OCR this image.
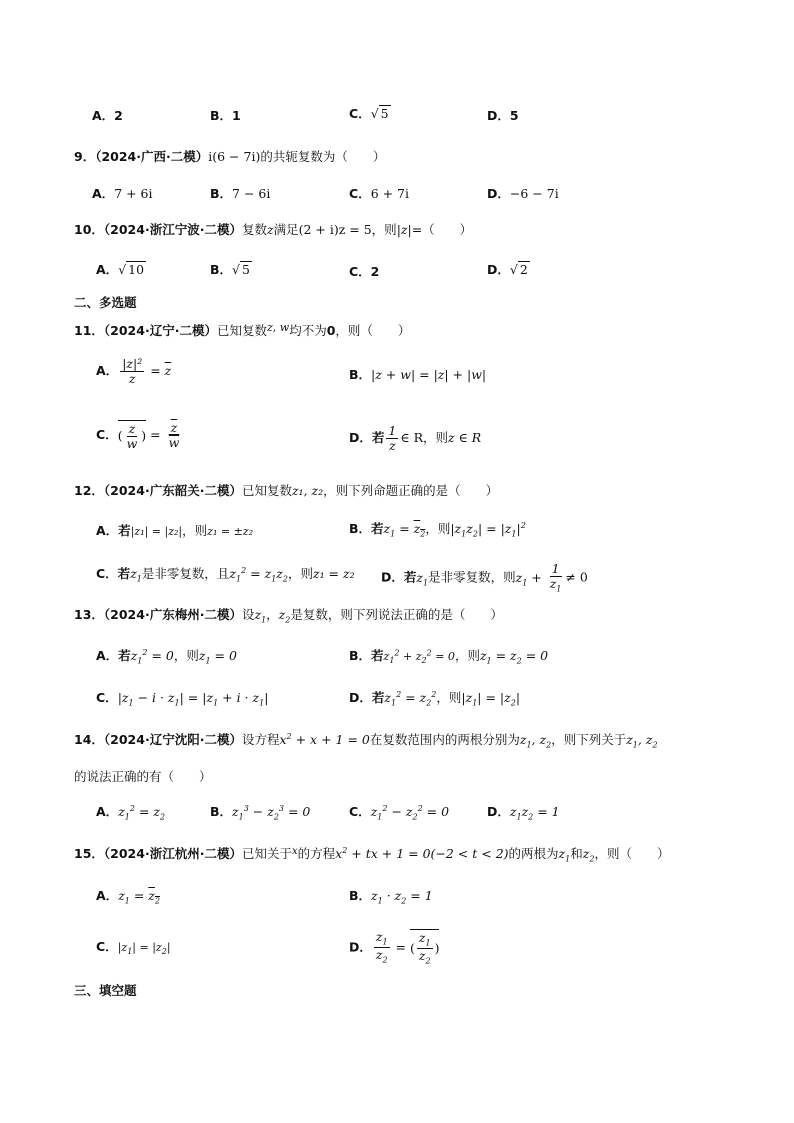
A．2	B．1	C．√ 5	D．5
9．（2024·广西·二模）i(6 − 7i)的共轭复数为（　　）
A．7 + 6i	B．7 − 6i	C．6 + 7i	D．−6 − 7i
10．（2024·浙江宁波·二模）复数z满足(2 + i)z = 5，则|z|=（　　）
A．√ 10	B．√ 5	C．2	D．√ 2
二、多选题
11．（2024·辽宁·二模）已知复数z, w均不为0，则（　　）
A． $\frac{\text{|z|²}}{z} = \overline{z}$	B．|z + w| = |z| + |w|
C．( $\frac{z}{w}$ ) = $\frac{\overline{z}}{w}$	D．若 $\frac{1}{z}$ ∈ R，则z ∈ R
12．（2024·广东韶关·二模）已知复数z₁, z₂，则下列命题正确的是（　　）
A．若|z₁| = |z₂|，则z₁ = ±z₂	B．若$z_1 = z_2$，则$|z_1z_2| = |z_1|^2$
C．若$z_1$是非零复数，且$z_1^2 = z_1z_2$，则z₁ = z₂ D．若$z_1$是非零复数，则$z_1 + \frac{1}{z_1} \ne 0$
13．（2024·广东梅州·二模）设$z_1$，$z_2$是复数，则下列说法正确的是（　　）
A．若$z_1^2 = 0$，则$z_1 = 0$	B．若$z_1^2 + z_2^2 = 0$，则$z_1 = z_2 = 0$
C．$|z_1 - i \cdot z_1| = |z_1 + i \cdot z_1|$	D．若$z_1^2 = z_2^2$，则$|z_1| = |z_2|$
14．（2024·辽宁沈阳·二模）设方程$x^2 + x + 1 = 0$在复数范围内的两根分别为$z_1$, $z_2$，则下列关于$z_1$, $z_2$
的说法正确的有（　　）
A．$z_1^2 = z_2$	B．$z_1^3 - z_2^3 = 0$	C．$z_1^2 - z_2^2 = 0$	D．$z_1z_2 = 1$
15．（2024·浙江杭州·二模）已知关于$^x$的方程$x^2$ + tx + 1 = 0(−2 < t < 2)的两根为$z_1$和$z_2$，则（　　）
A．$z_1 = z_2$	B．$z_1 \cdot z_2 = 1$
C．$|z_1| = |z_2|$	D． $\frac{z_1}{z_2}$ = ( $\frac{z_1}{z_2}$ )
三、填空题
